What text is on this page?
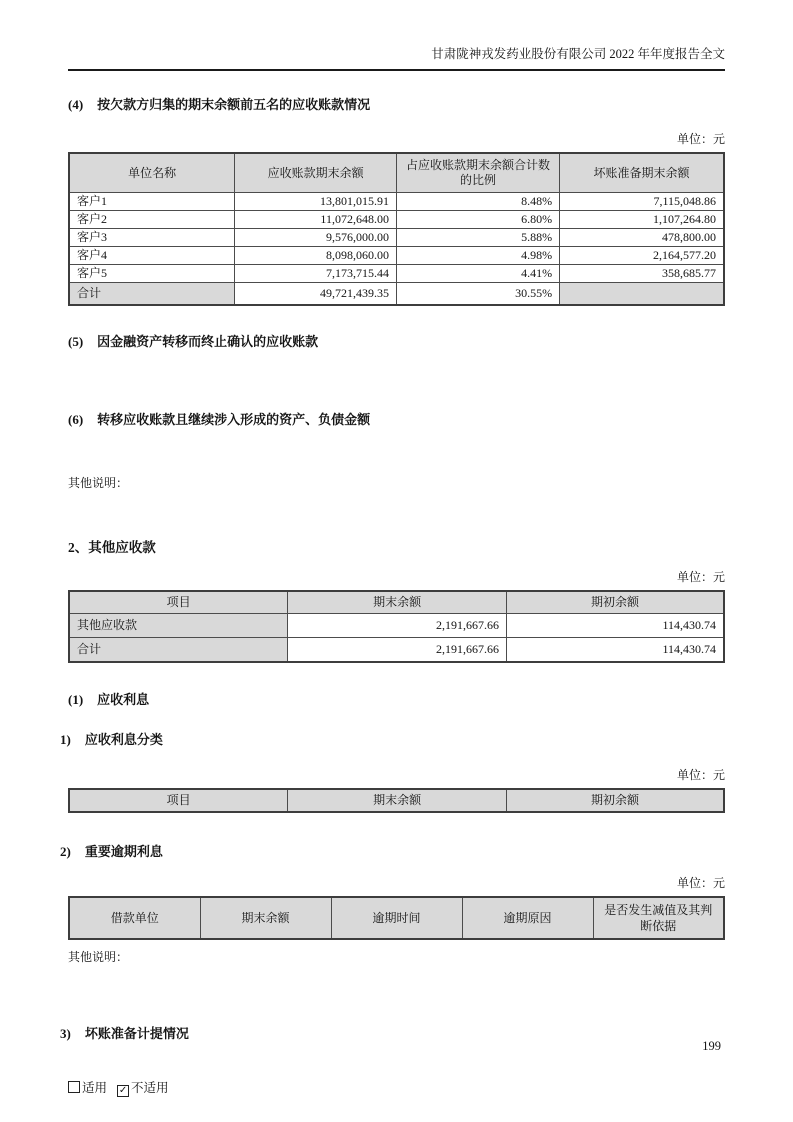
甘肃陇神戎发药业股份有限公司 2022 年年度报告全文

(4) 按欠款方归集的期末余额前五名的应收账款情况

单位：元
单位名称	应收账款期末余额	占应收账款期末余额合计数的比例	坏账准备期末余额
客户1	13,801,015.91	8.48%	7,115,048.86
客户2	11,072,648.00	6.80%	1,107,264.80
客户3	9,576,000.00	5.88%	478,800.00
客户4	8,098,060.00	4.98%	2,164,577.20
客户5	7,173,715.44	4.41%	358,685.77
合计	49,721,439.35	30.55%	

(5) 因金融资产转移而终止确认的应收账款

(6) 转移应收账款且继续涉入形成的资产、负债金额

其他说明：

2、其他应收款

单位：元
项目	期末余额	期初余额
其他应收款	2,191,667.66	114,430.74
合计	2,191,667.66	114,430.74

(1) 应收利息

1) 应收利息分类

单位：元
项目	期末余额	期初余额

2) 重要逾期利息

单位：元
借款单位	期末余额	逾期时间	逾期原因	是否发生减值及其判断依据
其他说明：

3) 坏账准备计提情况

适用 ✓ 不适用
199
